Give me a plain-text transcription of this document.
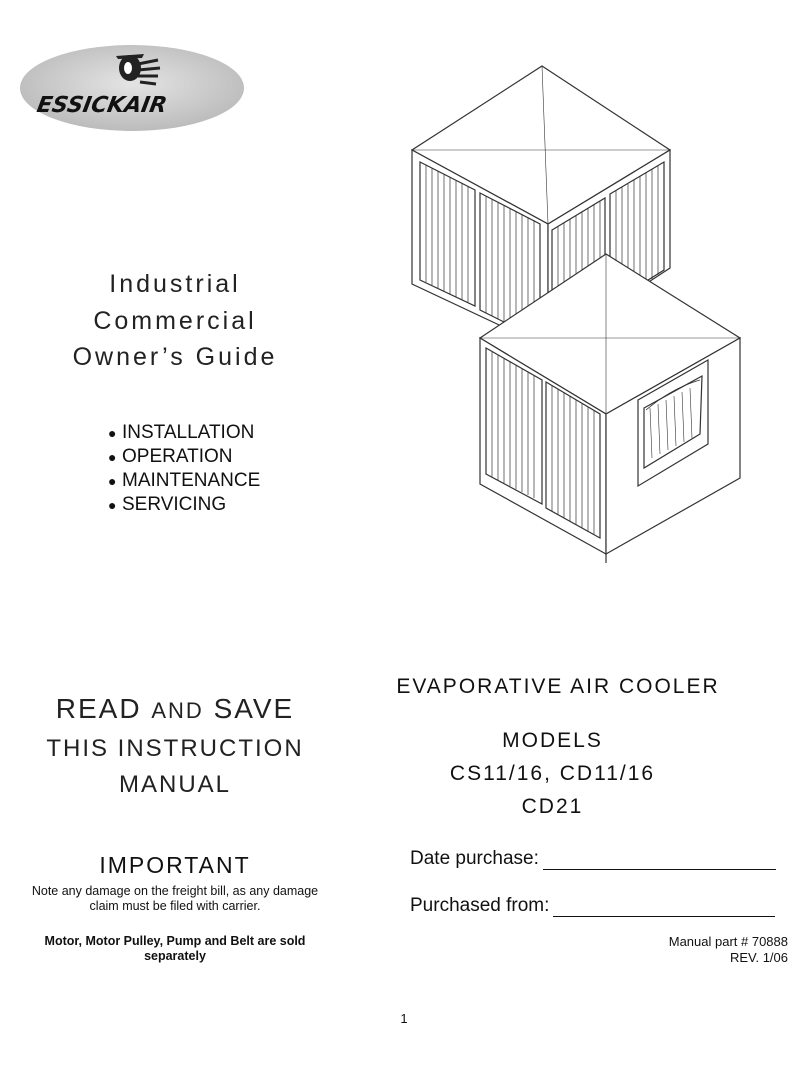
ESSICKAIR
Industrial
Commercial
Owner’s Guide
● INSTALLATION
● OPERATION
● MAINTENANCE
● SERVICING
READ AND SAVE
THIS INSTRUCTION
MANUAL
IMPORTANT
Note any damage on the freight bill, as any damage claim must be filed with carrier.
Motor, Motor Pulley, Pump and Belt are sold separately
EVAPORATIVE AIR COOLER
MODELS
CS11/16, CD11/16
CD21
Date purchase:
Purchased from:
Manual part # 70888
REV. 1/06
1
